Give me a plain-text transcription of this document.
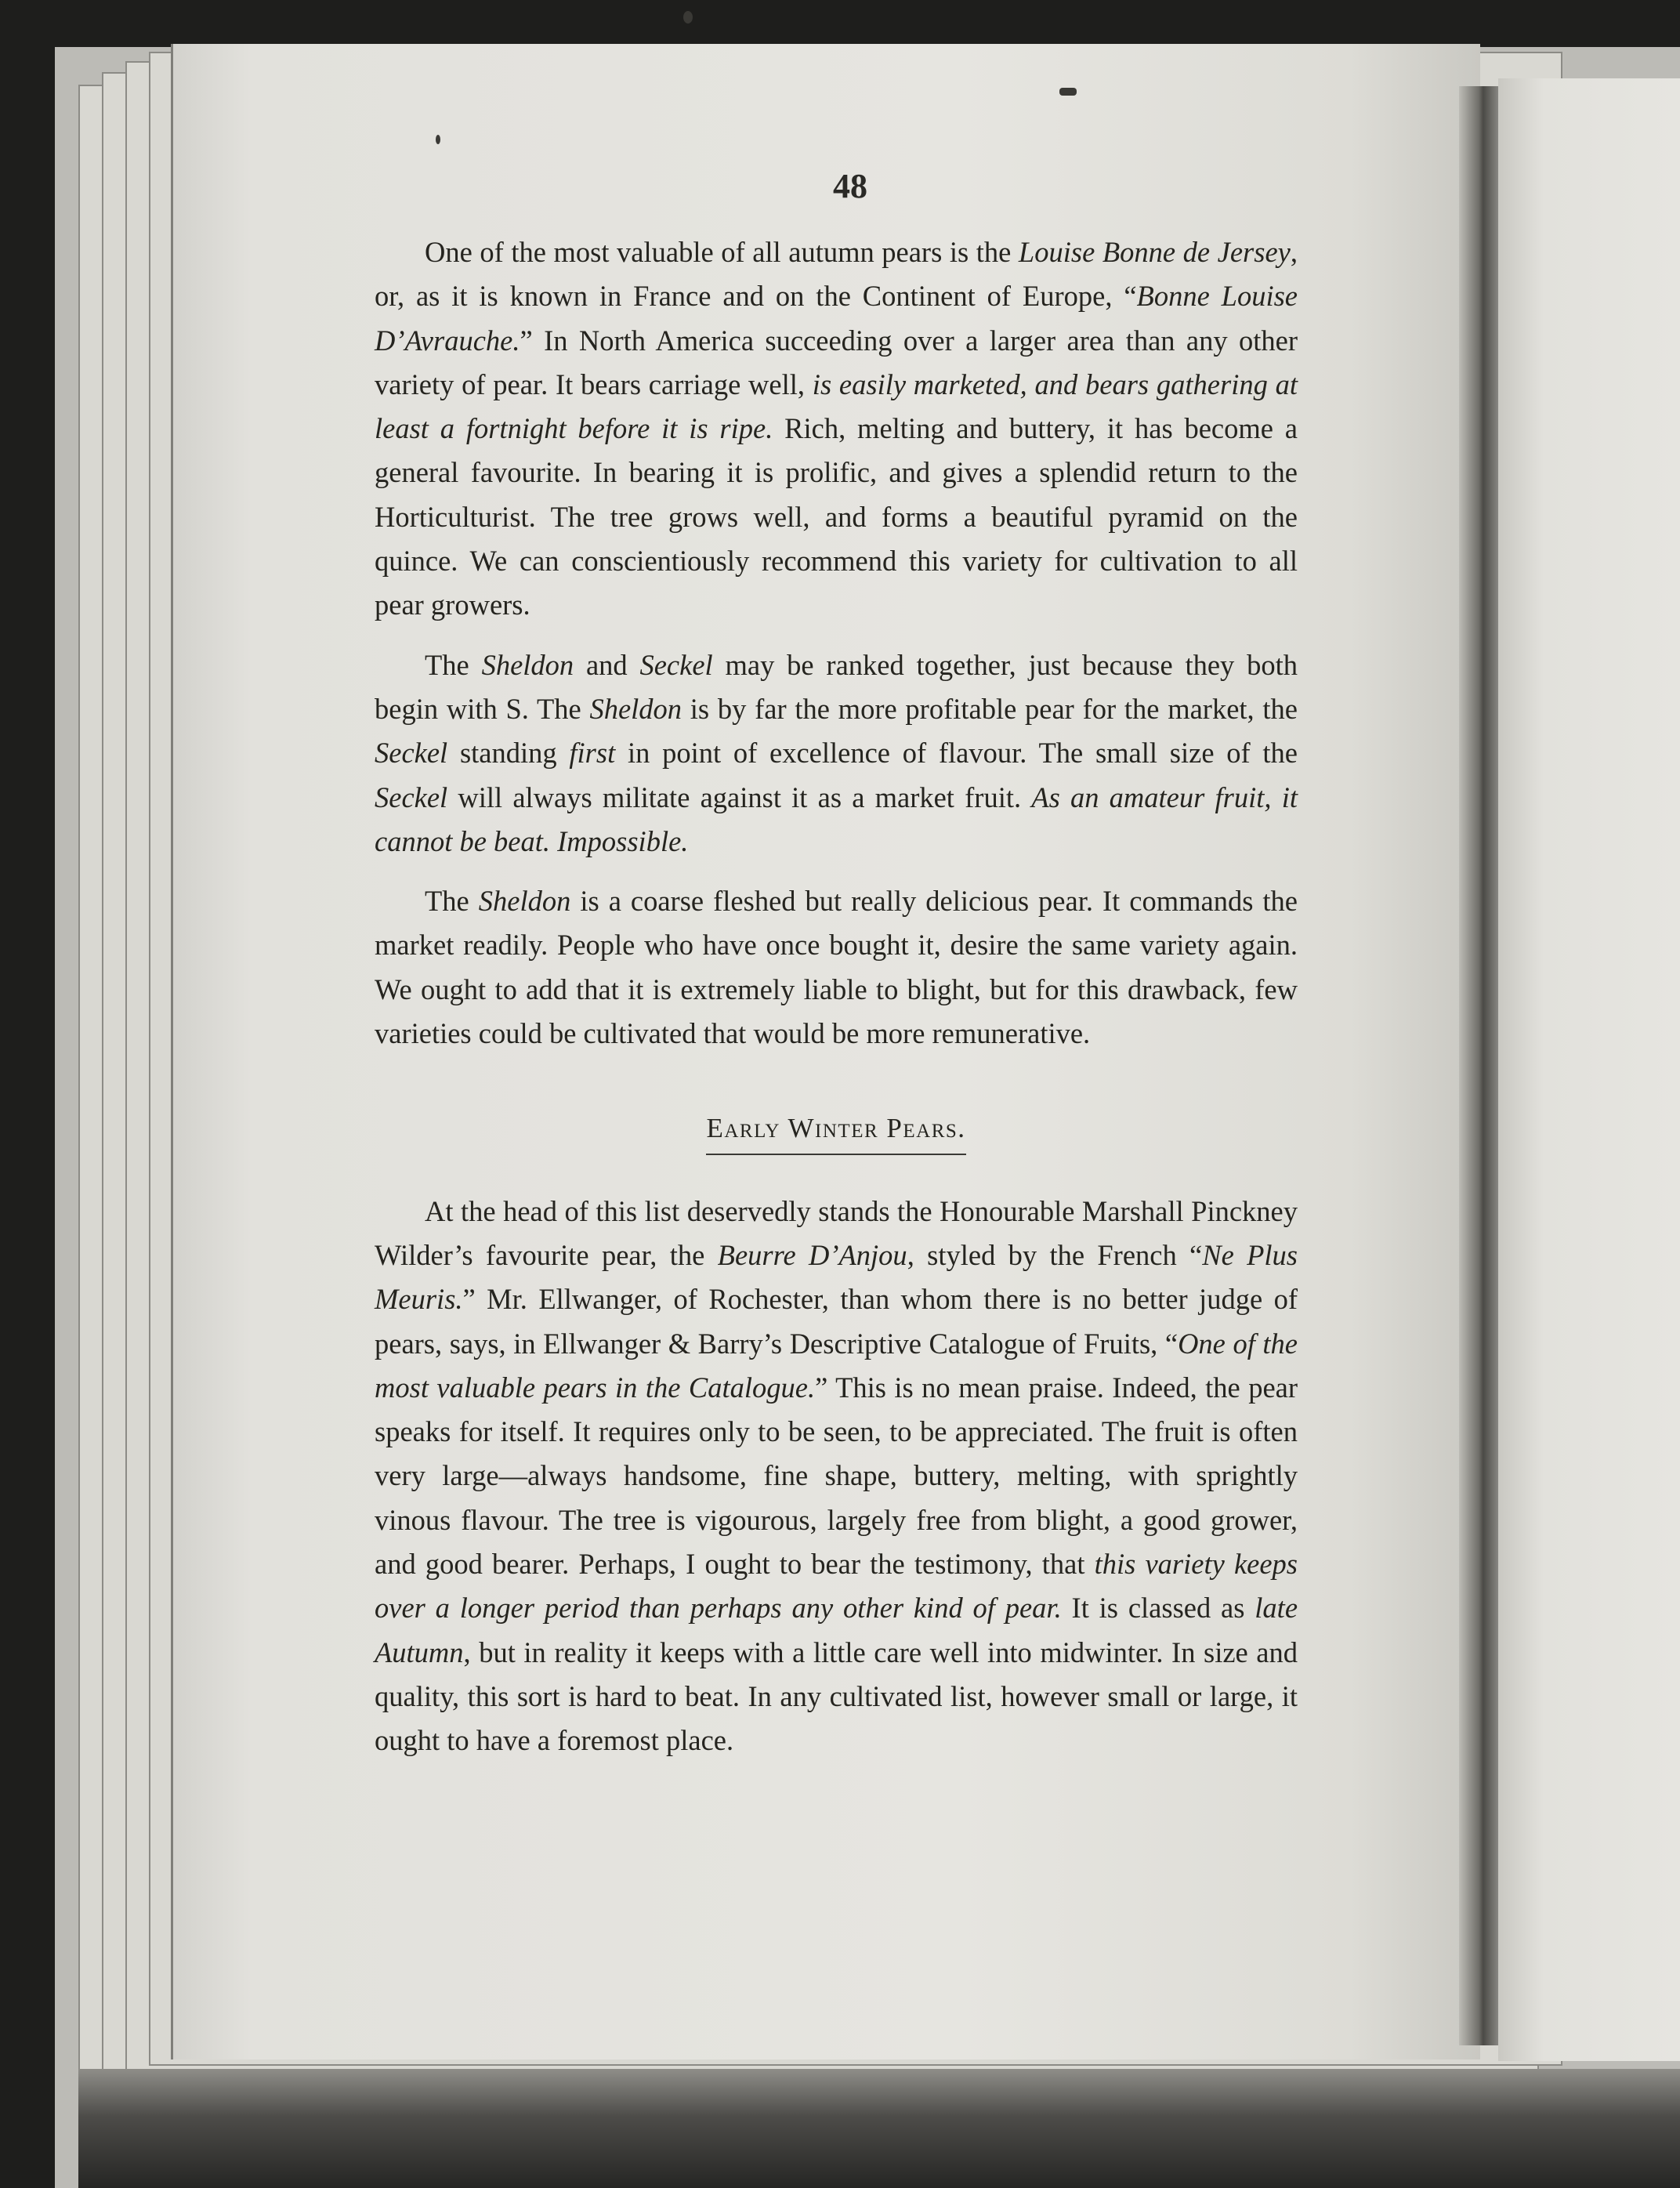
48

One of the most valuable of all autumn pears is the Louise Bonne de Jersey, or, as it is known in France and on the Continent of Europe, “Bonne Louise D’Avrauche.” In North America succeeding over a larger area than any other variety of pear. It bears carriage well, is easily marketed, and bears gathering at least a fortnight before it is ripe. Rich, melting and buttery, it has become a general favourite. In bearing it is prolific, and gives a splendid return to the Horticulturist. The tree grows well, and forms a beautiful pyramid on the quince. We can conscientiously recommend this variety for cultivation to all pear growers.

The Sheldon and Seckel may be ranked together, just because they both begin with S. The Sheldon is by far the more profitable pear for the market, the Seckel standing first in point of excellence of flavour. The small size of the Seckel will always militate against it as a market fruit. As an amateur fruit, it cannot be beat. Impossible.

The Sheldon is a coarse fleshed but really delicious pear. It commands the market readily. People who have once bought it, desire the same variety again. We ought to add that it is extremely liable to blight, but for this drawback, few varieties could be cultivated that would be more remunerative.

Early Winter Pears.

At the head of this list deservedly stands the Honourable Marshall Pinckney Wilder’s favourite pear, the Beurre D’Anjou, styled by the French “Ne Plus Meuris.” Mr. Ellwanger, of Rochester, than whom there is no better judge of pears, says, in Ellwanger & Barry’s Descriptive Catalogue of Fruits, “One of the most valuable pears in the Catalogue.” This is no mean praise. Indeed, the pear speaks for itself. It requires only to be seen, to be appreciated. The fruit is often very large—always handsome, fine shape, buttery, melting, with sprightly vinous flavour. The tree is vigourous, largely free from blight, a good grower, and good bearer. Perhaps, I ought to bear the testimony, that this variety keeps over a longer period than perhaps any other kind of pear. It is classed as late Autumn, but in reality it keeps with a little care well into midwinter. In size and quality, this sort is hard to beat. In any cultivated list, however small or large, it ought to have a foremost place.
